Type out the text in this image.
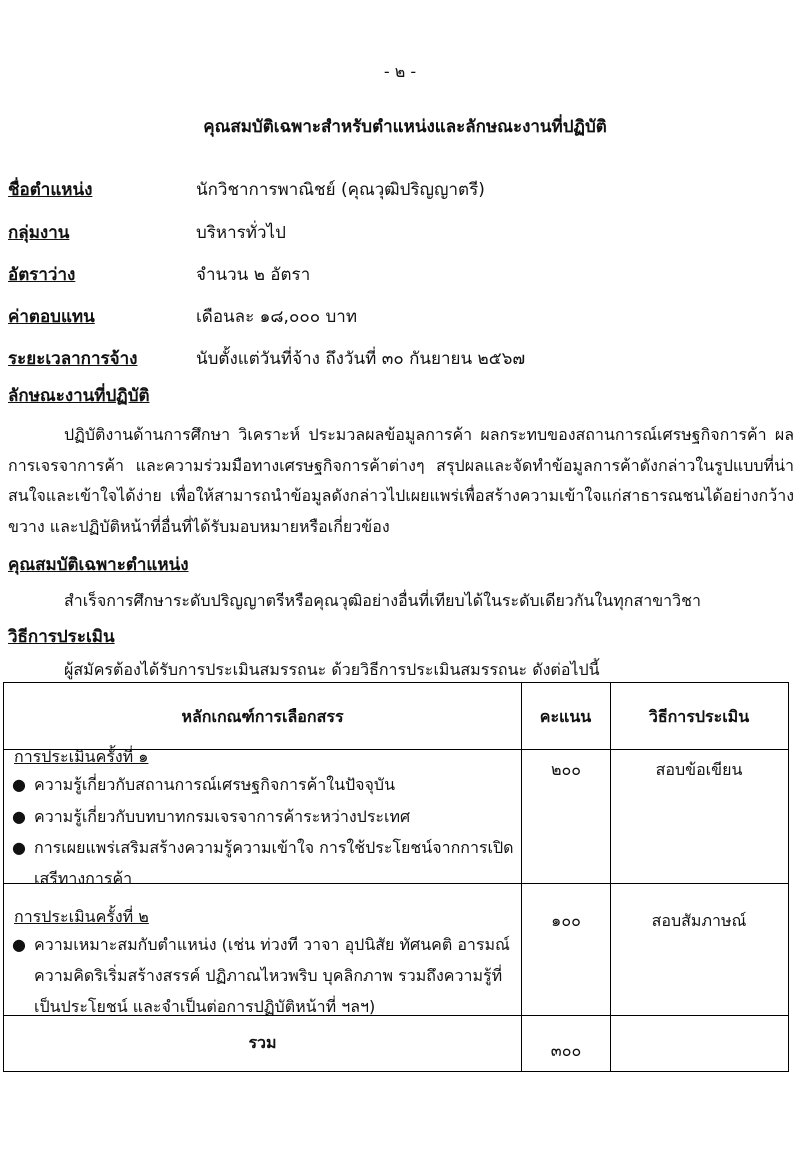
- ๒ -
คุณสมบัติเฉพาะสำหรับตำแหน่งและลักษณะงานที่ปฏิบัติ
ชื่อตำแหน่ง	นักวิชาการพาณิชย์ (คุณวุฒิปริญญาตรี)
กลุ่มงาน	บริหารทั่วไป
อัตราว่าง	จำนวน ๒ อัตรา
ค่าตอบแทน	เดือนละ ๑๘,๐๐๐ บาท
ระยะเวลาการจ้าง	นับตั้งแต่วันที่จ้าง ถึงวันที่ ๓๐ กันยายน ๒๕๖๗
ลักษณะงานที่ปฏิบัติ
ปฏิบัติงานด้านการศึกษา วิเคราะห์ ประมวลผลข้อมูลการค้า ผลกระทบของสถานการณ์เศรษฐกิจการค้า ผลการเจรจาการค้า และความร่วมมือทางเศรษฐกิจการค้าต่างๆ สรุปผลและจัดทำข้อมูลการค้าดังกล่าวในรูปแบบที่น่าสนใจและเข้าใจได้ง่าย เพื่อให้สามารถนำข้อมูลดังกล่าวไปเผยแพร่เพื่อสร้างความเข้าใจแก่สาธารณชนได้อย่างกว้างขวาง และปฏิบัติหน้าที่อื่นที่ได้รับมอบหมายหรือเกี่ยวข้อง
คุณสมบัติเฉพาะตำแหน่ง
สำเร็จการศึกษาระดับปริญญาตรีหรือคุณวุฒิอย่างอื่นที่เทียบได้ในระดับเดียวกันในทุกสาขาวิชา
วิธีการประเมิน
ผู้สมัครต้องได้รับการประเมินสมรรถนะ ด้วยวิธีการประเมินสมรรถนะ ดังต่อไปนี้
หลักเกณฑ์การเลือกสรร	คะแนน	วิธีการประเมิน
การประเมินครั้งที่ ๑
● ความรู้เกี่ยวกับสถานการณ์เศรษฐกิจการค้าในปัจจุบัน
● ความรู้เกี่ยวกับบทบาทกรมเจรจาการค้าระหว่างประเทศ
● การเผยแพร่เสริมสร้างความรู้ความเข้าใจ การใช้ประโยชน์จากการเปิดเสรีทางการค้า
๒๐๐	สอบข้อเขียน
การประเมินครั้งที่ ๒
● ความเหมาะสมกับตำแหน่ง (เช่น ท่วงที วาจา อุปนิสัย ทัศนคติ อารมณ์ ความคิดริเริ่มสร้างสรรค์ ปฏิภาณไหวพริบ บุคลิกภาพ รวมถึงความรู้ที่เป็นประโยชน์ และจำเป็นต่อการปฏิบัติหน้าที่ ฯลฯ)
๑๐๐	สอบสัมภาษณ์
รวม	๓๐๐
